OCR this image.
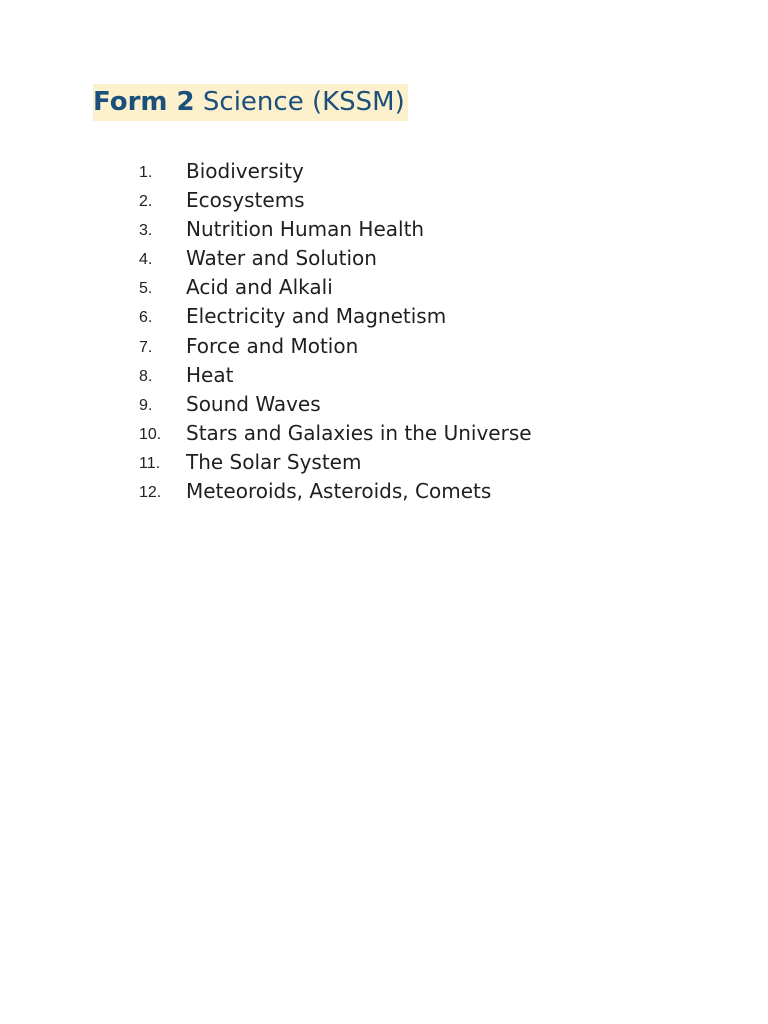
Form 2 Science (KSSM)
1. Biodiversity
2. Ecosystems
3. Nutrition Human Health
4. Water and Solution
5. Acid and Alkali
6. Electricity and Magnetism
7. Force and Motion
8. Heat
9. Sound Waves
10. Stars and Galaxies in the Universe
11. The Solar System
12. Meteoroids, Asteroids, Comets
